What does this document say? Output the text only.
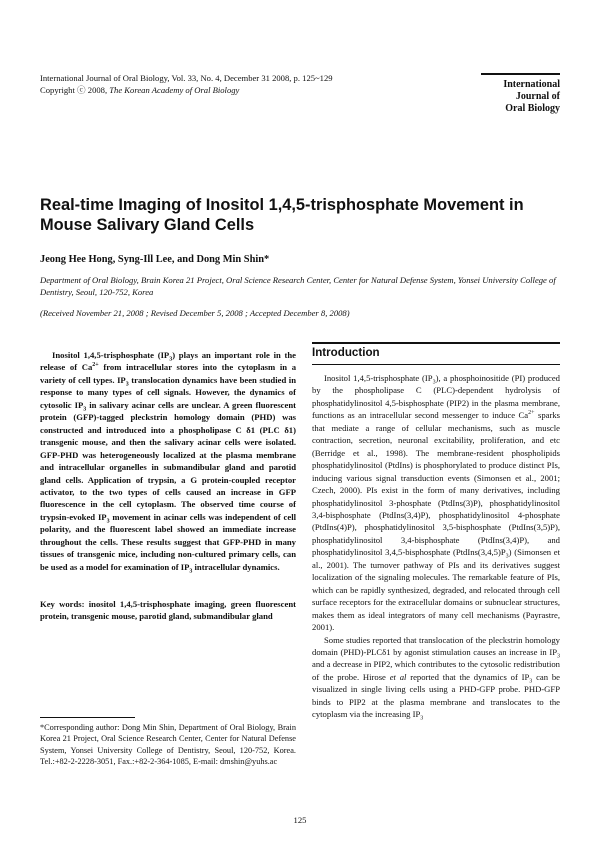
International Journal of Oral Biology, Vol. 33, No. 4, December 31 2008, p. 125~129
Copyright ⓒ 2008, The Korean Academy of Oral Biology	International
Journal of
Oral Biology
Real-time Imaging of Inositol 1,4,5-trisphosphate Movement in Mouse Salivary Gland Cells
Jeong Hee Hong, Syng-Ill Lee, and Dong Min Shin*
Department of Oral Biology, Brain Korea 21 Project, Oral Science Research Center, Center for Natural Defense System, Yonsei University College of Dentistry, Seoul, 120-752, Korea
(Received November 21, 2008 ; Revised December 5, 2008 ; Accepted December 8, 2008)

Inositol 1,4,5-trisphosphate $(IP_3)$ plays an important role in the release of $Ca^{2+}$ from intracellular stores into the cytoplasm in a variety of cell types. $IP_3$ translocation dynamics have been studied in response to many types of cell signals. However, the dynamics of cytosolic $IP_3$ in salivary acinar cells are unclear. A green fluorescent protein (GFP)-tagged pleckstrin homology domain (PHD) was constructed and introduced into a phospholipase C δ1 (PLC δ1) transgenic mouse, and then the salivary acinar cells were isolated. GFP-PHD was heterogeneously localized at the plasma membrane and intracellular organelles in submandibular gland and parotid gland cells. Application of trypsin, a G protein-coupled receptor activator, to the two types of cells caused an increase in GFP fluorescence in the cell cytoplasm. The observed time course of trypsin-evoked $IP_3$ movement in acinar cells was independent of cell polarity, and the fluorescent label showed an immediate increase throughout the cells. These results suggest that GFP-PHD in many tissues of transgenic mice, including non-cultured primary cells, can be used as a model for examination of $IP_3$ intracellular dynamics.

Key words: inositol 1,4,5-trisphosphate imaging, green fluorescent protein, transgenic mouse, parotid gland, submandibular gland
*Corresponding author: Dong Min Shin, Department of Oral Biology, Brain Korea 21 Project, Oral Science Research Center, Center for Natural Defense System, Yonsei University College of Dentistry, Seoul, 120-752, Korea. Tel.:+82-2-2228-3051, Fax.:+82-2-364-1085, E-mail: dmshin@yuhs.ac
Introduction

Inositol 1,4,5-trisphosphate $(IP_3)$, a phosphoinositide (PI) produced by the phospholipase C (PLC)-dependent hydrolysis of phosphatidylinositol 4,5-bisphosphate (PIP2) in the plasma membrane, functions as an intracellular second messenger to induce $Ca^{2+}$ sparks that mediate a range of cellular mechanisms, such as muscle contraction, secretion, neuronal excitability, proliferation, and etc (Berridge et al., 1998). The membrane-resident phospholipids phosphatidylinositol (PtdIns) is phosphorylated to produce distinct PIs, inducing various signal transduction events (Simonsen et al., 2001; Czech, 2000). PIs exist in the form of many derivatives, including phosphatidylinositol 3-phosphate (PtdIns(3)P), phosphatidylinositol 3,4-bisphosphate (PtdIns(3,4)P), phosphatidylinositol 4-phosphate (PtdIns(4)P), phosphatidylinositol 3,5-bisphosphate (PtdIns(3,5)P), phosphatidylinositol 3,4-bisphosphate (PtdIns(3,4)P), and phosphatidylinositol 3,4,5-bisphosphate $(PtdIns(3,4,5)P_3)$ (Simonsen et al., 2001). The turnover pathway of PIs and its derivatives suggest localization of the signaling molecules. The remarkable feature of PIs, which can be rapidly synthesized, degraded, and relocated through cell surface receptors for the extracellular domains or subnuclear structures, makes them as ideal integrators of many cell mechanisms (Payrastre, 2001).

Some studies reported that translocation of the pleckstrin homology domain (PHD)-PLCδ1 by agonist stimulation causes an increase in $IP_3$ and a decrease in PIP2, which contributes to the cytosolic redistribution of the probe. Hirose et al reported that the dynamics of $IP_3$ can be visualized in single living cells using a PHD-GFP probe. PHD-GFP binds to PIP2 at the plasma membrane and translocates to the cytoplasm via the increasing $IP_3$

125
